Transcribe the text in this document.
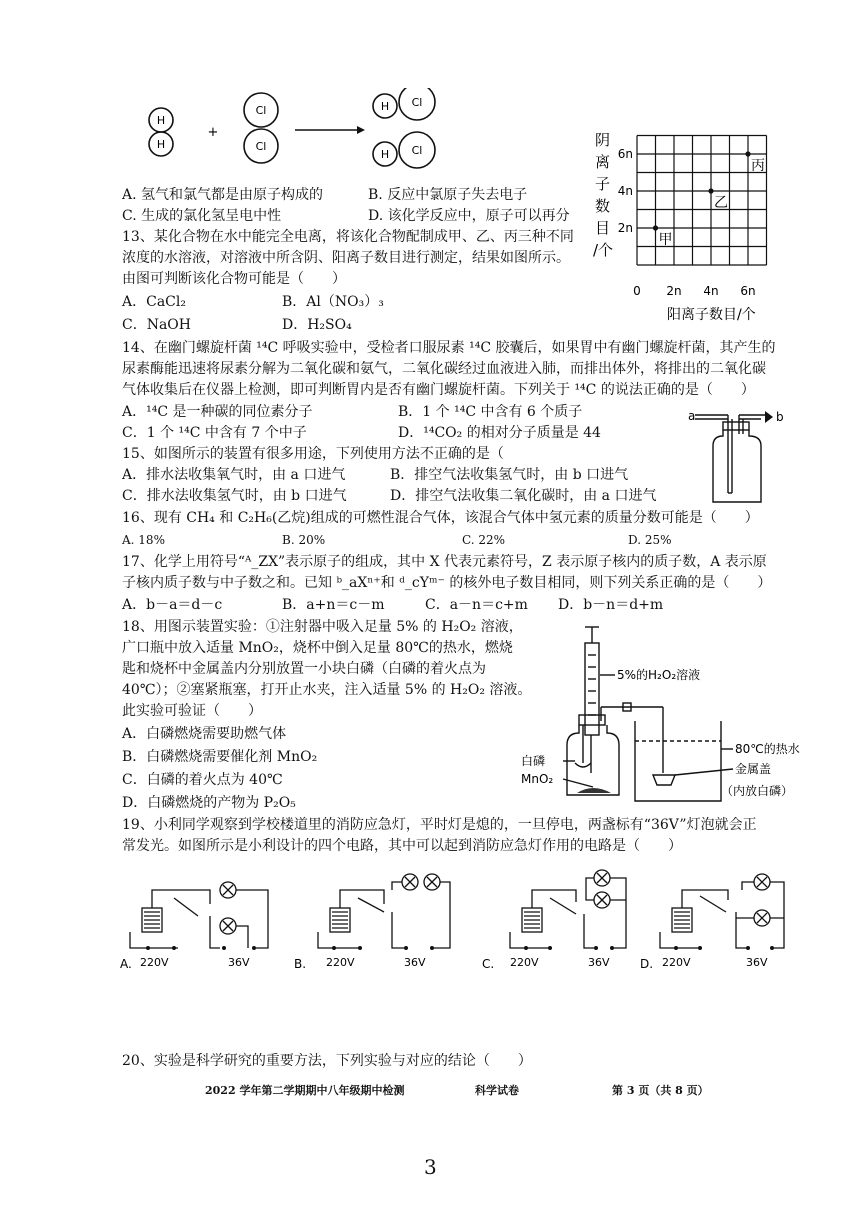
H
H
Cl
Cl
H Cl
H Cl
+
A. 氢气和氯气都是由原子构成的	B. 反应中氯原子失去电子
C. 生成的氯化氢呈电中性	D. 该化学反应中，原子可以再分
13、某化合物在水中能完全电离，将该化合物配制成甲、乙、丙三种不同
浓度的水溶液，对溶液中所含阴、阳离子数目进行测定，结果如图所示。
由图可判断该化合物可能是（　　）
A．CaCl₂	B．Al（NO₃）₃
C．NaOH	D．H₂SO₄
阴
离
子
数
目
/个
2n
4n
6n
0 2n 4n 6n
阳离子数目/个
甲
乙
丙
14、在幽门螺旋杆菌 ¹⁴C 呼吸实验中，受检者口服尿素 ¹⁴C 胶囊后，如果胃中有幽门螺旋杆菌，其产生的
尿素酶能迅速将尿素分解为二氧化碳和氨气，二氧化碳经过血液进入肺，而排出体外，将排出的二氧化碳
气体收集后在仪器上检测，即可判断胃内是否有幽门螺旋杆菌。下列关于 ¹⁴C 的说法正确的是（　　）
A．¹⁴C 是一种碳的同位素分子	B．1 个 ¹⁴C 中含有 6 个质子
C．1 个 ¹⁴C 中含有 7 个中子	D．¹⁴CO₂ 的相对分子质量是 44
a	b
15、如图所示的装置有很多用途，下列使用方法不正确的是（
A．排水法收集氧气时，由 a 口进气	B．排空气法收集氢气时，由 b 口进气
C．排水法收集氢气时，由 b 口进气	D．排空气法收集二氧化碳时，由 a 口进气
16、现有 CH₄ 和 C₂H₆(乙烷)组成的可燃性混合气体，该混合气体中氢元素的质量分数可能是（　　）
A. 18%	B. 20%	C. 22%	D. 25%
17、化学上用符号“ᴬ_ZX”表示原子的组成，其中 X 代表元素符号，Z 表示原子核内的质子数，A 表示原
子核内质子数与中子数之和。已知 ᵇ_aXⁿ⁺和 ᵈ_cYᵐ⁻ 的核外电子数目相同，则下列关系正确的是（　　）
A．b－a＝d－c	B．a+n＝c－m	C．a－n＝c+m D．b－n＝d+m
18、用图示装置实验：①注射器中吸入足量 5% 的 H₂O₂ 溶液，
广口瓶中放入适量 MnO₂，烧杯中倒入足量 80℃的热水，燃烧
匙和烧杯中金属盖内分别放置一小块白磷（白磷的着火点为
40℃）；②塞紧瓶塞，打开止水夹，注入适量 5% 的 H₂O₂ 溶液。
此实验可验证（　　）
A．白磷燃烧需要助燃气体
B．白磷燃烧需要催化剂 MnO₂
C．白磷的着火点为 40℃
D．白磷燃烧的产物为 P₂O₅
5%的H₂O₂溶液
白磷
MnO₂
80℃的热水
金属盖
（内放白磷）
19、小利同学观察到学校楼道里的消防应急灯，平时灯是熄的，一旦停电，两盏标有“36V”灯泡就会正
常发光。如图所示是小利设计的四个电路，其中可以起到消防应急灯作用的电路是（　　）
A. 220V	36V	B. 220V	36V	C. 220V	36V	D. 220V	36V
20、实验是科学研究的重要方法，下列实验与对应的结论（　　）
2022 学年第二学期期中八年级期中检测	科学试卷	第 3 页（共 8 页）
3
